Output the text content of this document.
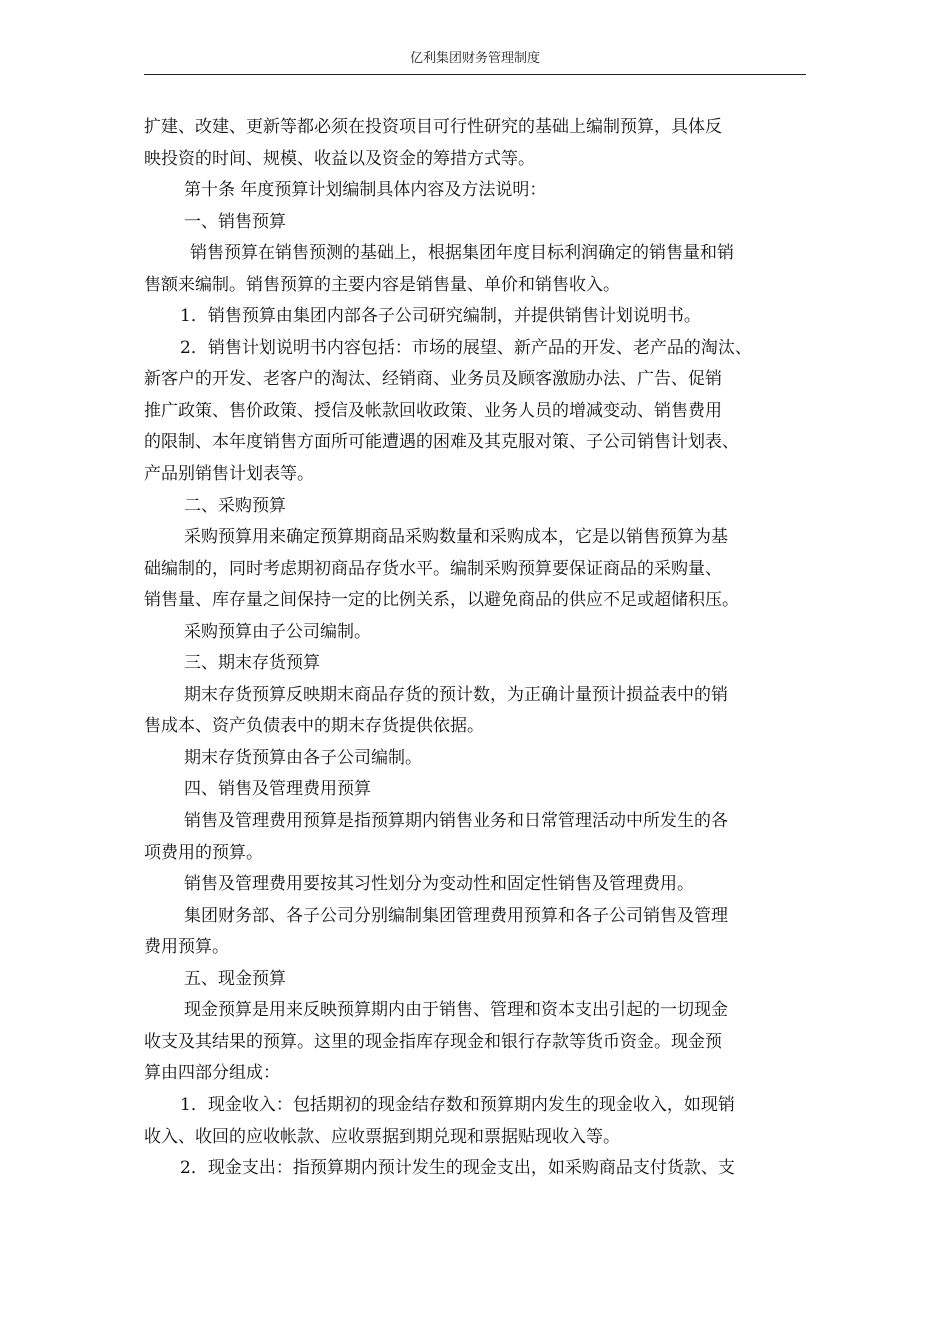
亿利集团财务管理制度
扩建、改建、更新等都必须在投资项目可行性研究的基础上编制预算，具体反
映投资的时间、规模、收益以及资金的筹措方式等。
第十条 年度预算计划编制具体内容及方法说明：
一、销售预算
销售预算在销售预测的基础上，根据集团年度目标利润确定的销售量和销
售额来编制。销售预算的主要内容是销售量、单价和销售收入。
1．销售预算由集团内部各子公司研究编制，并提供销售计划说明书。
2．销售计划说明书内容包括：市场的展望、新产品的开发、老产品的淘汰、
新客户的开发、老客户的淘汰、经销商、业务员及顾客激励办法、广告、促销
推广政策、售价政策、授信及帐款回收政策、业务人员的增减变动、销售费用
的限制、本年度销售方面所可能遭遇的困难及其克服对策、子公司销售计划表、
产品别销售计划表等。
二、采购预算
采购预算用来确定预算期商品采购数量和采购成本，它是以销售预算为基
础编制的，同时考虑期初商品存货水平。编制采购预算要保证商品的采购量、
销售量、库存量之间保持一定的比例关系，以避免商品的供应不足或超储积压。
采购预算由子公司编制。
三、期末存货预算
期末存货预算反映期末商品存货的预计数，为正确计量预计损益表中的销
售成本、资产负债表中的期末存货提供依据。
期末存货预算由各子公司编制。
四、销售及管理费用预算
销售及管理费用预算是指预算期内销售业务和日常管理活动中所发生的各
项费用的预算。
销售及管理费用要按其习性划分为变动性和固定性销售及管理费用。
集团财务部、各子公司分别编制集团管理费用预算和各子公司销售及管理
费用预算。
五、现金预算
现金预算是用来反映预算期内由于销售、管理和资本支出引起的一切现金
收支及其结果的预算。这里的现金指库存现金和银行存款等货币资金。现金预
算由四部分组成：
1．现金收入：包括期初的现金结存数和预算期内发生的现金收入，如现销
收入、收回的应收帐款、应收票据到期兑现和票据贴现收入等。
2．现金支出：指预算期内预计发生的现金支出，如采购商品支付货款、支
